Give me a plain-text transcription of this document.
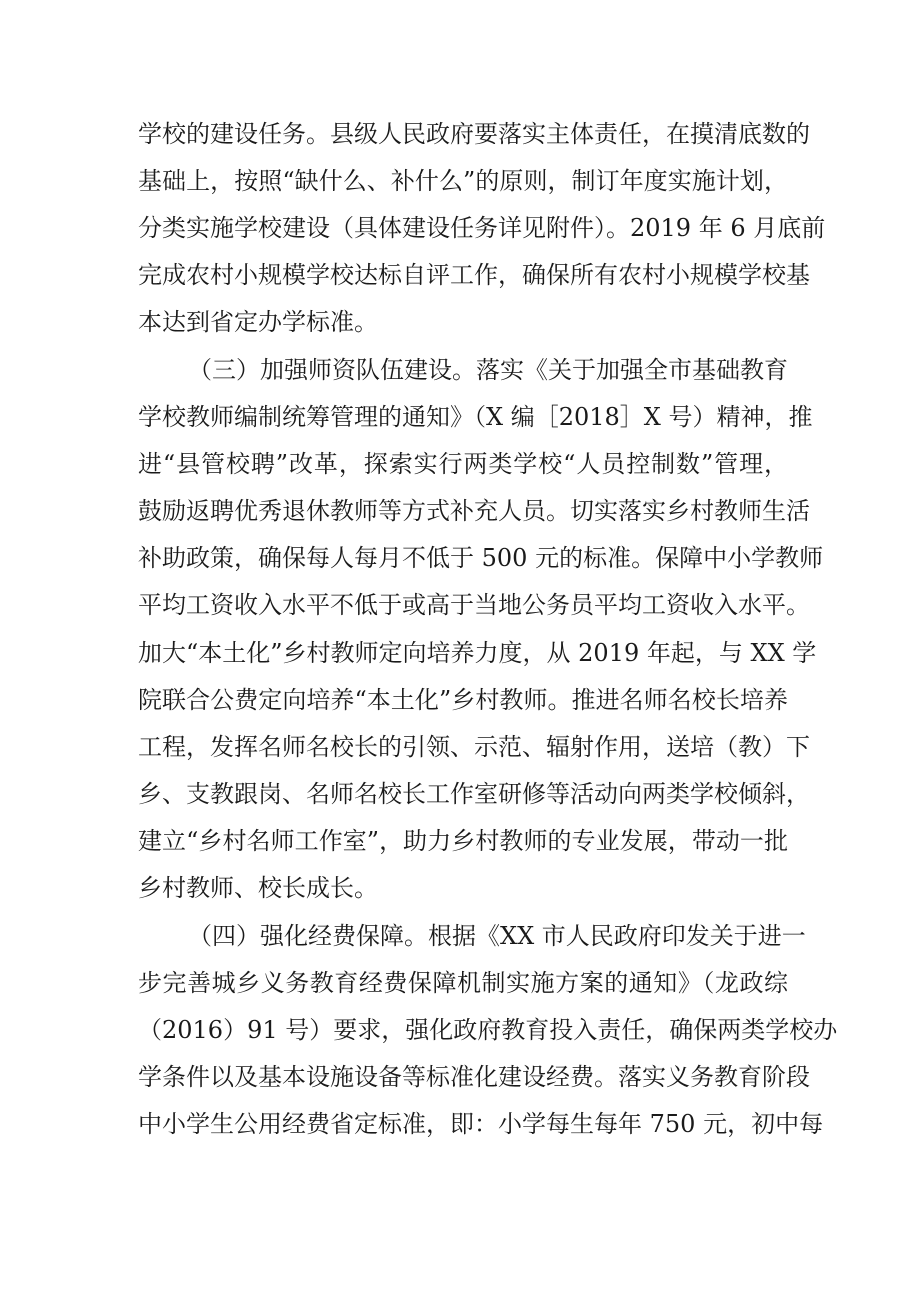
学校的建设任务。县级人民政府要落实主体责任，在摸清底数的
基础上，按照“缺什么、补什么”的原则，制订年度实施计划，
分类实施学校建设（具体建设任务详见附件）。2019 年 6 月底前
完成农村小规模学校达标自评工作，确保所有农村小规模学校基
本达到省定办学标准。
（三）加强师资队伍建设。落实《关于加强全市基础教育
学校教师编制统筹管理的通知》（X 编［2018］X 号）精神，推
进“县管校聘”改革，探索实行两类学校“人员控制数”管理，
鼓励返聘优秀退休教师等方式补充人员。切实落实乡村教师生活
补助政策，确保每人每月不低于 500 元的标准。保障中小学教师
平均工资收入水平不低于或高于当地公务员平均工资收入水平。
加大“本土化”乡村教师定向培养力度，从 2019 年起，与 XX 学
院联合公费定向培养“本土化”乡村教师。推进名师名校长培养
工程，发挥名师名校长的引领、示范、辐射作用，送培（教）下
乡、支教跟岗、名师名校长工作室研修等活动向两类学校倾斜，
建立“乡村名师工作室”，助力乡村教师的专业发展，带动一批
乡村教师、校长成长。
（四）强化经费保障。根据《XX 市人民政府印发关于进一
步完善城乡义务教育经费保障机制实施方案的通知》（龙政综
（2016）91 号）要求，强化政府教育投入责任，确保两类学校办
学条件以及基本设施设备等标准化建设经费。落实义务教育阶段
中小学生公用经费省定标准，即：小学每生每年 750 元，初中每
